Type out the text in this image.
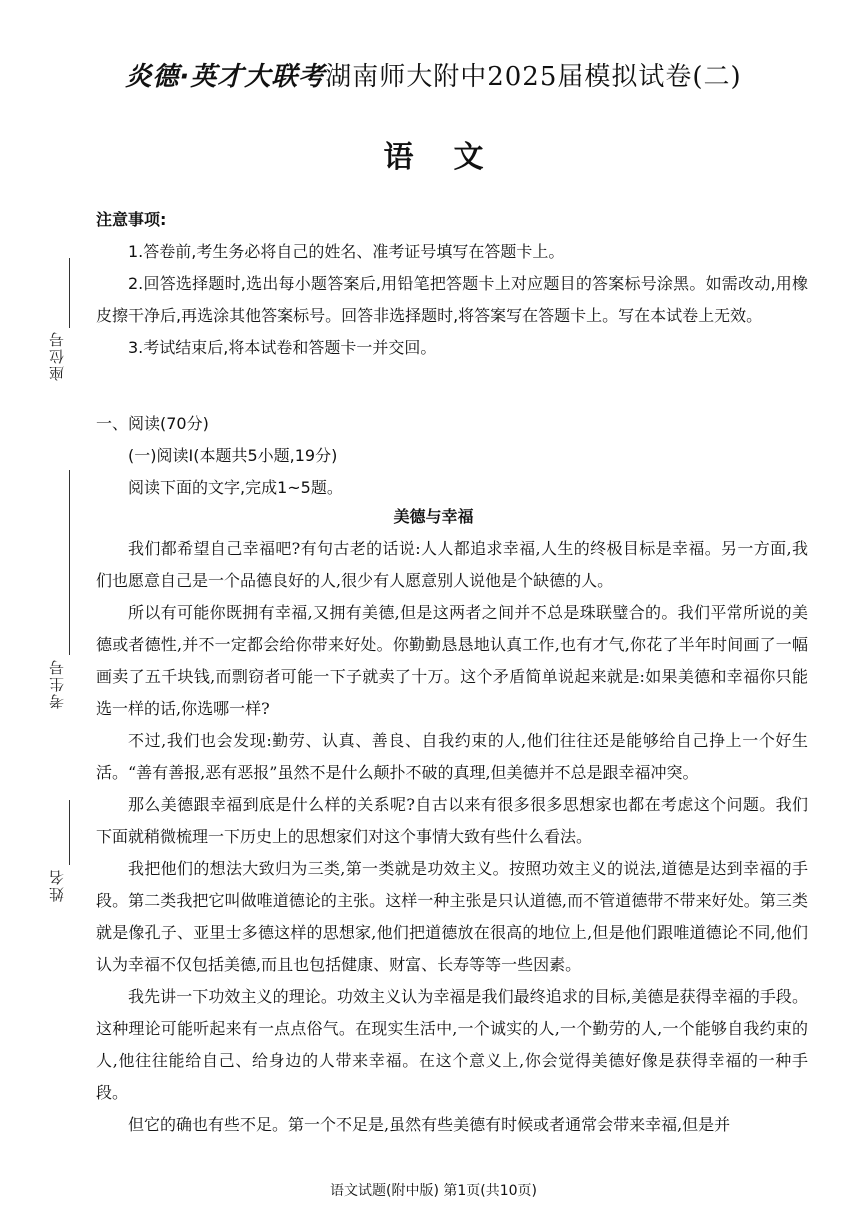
座位号
考生号
姓名
炎德·英才大联考湖南师大附中2025届模拟试卷(二)
语文
注意事项:
1.答卷前,考生务必将自己的姓名、准考证号填写在答题卡上。
2.回答选择题时,选出每小题答案后,用铅笔把答题卡上对应题目的答案标号涂黑。如需改动,用橡皮擦干净后,再选涂其他答案标号。回答非选择题时,将答案写在答题卡上。写在本试卷上无效。
3.考试结束后,将本试卷和答题卡一并交回。
一、阅读(70分)
(一)阅读Ⅰ(本题共5小题,19分)
阅读下面的文字,完成1~5题。
美德与幸福

我们都希望自己幸福吧?有句古老的话说:人人都追求幸福,人生的终极目标是幸福。另一方面,我们也愿意自己是一个品德良好的人,很少有人愿意别人说他是个缺德的人。

所以有可能你既拥有幸福,又拥有美德,但是这两者之间并不总是珠联璧合的。我们平常所说的美德或者德性,并不一定都会给你带来好处。你勤勤恳恳地认真工作,也有才气,你花了半年时间画了一幅画卖了五千块钱,而剽窃者可能一下子就卖了十万。这个矛盾简单说起来就是:如果美德和幸福你只能选一样的话,你选哪一样?

不过,我们也会发现:勤劳、认真、善良、自我约束的人,他们往往还是能够给自己挣上一个好生活。“善有善报,恶有恶报”虽然不是什么颠扑不破的真理,但美德并不总是跟幸福冲突。

那么美德跟幸福到底是什么样的关系呢?自古以来有很多很多思想家也都在考虑这个问题。我们下面就稍微梳理一下历史上的思想家们对这个事情大致有些什么看法。

我把他们的想法大致归为三类,第一类就是功效主义。按照功效主义的说法,道德是达到幸福的手段。第二类我把它叫做唯道德论的主张。这样一种主张是只认道德,而不管道德带不带来好处。第三类就是像孔子、亚里士多德这样的思想家,他们把道德放在很高的地位上,但是他们跟唯道德论不同,他们认为幸福不仅包括美德,而且也包括健康、财富、长寿等等一些因素。

我先讲一下功效主义的理论。功效主义认为幸福是我们最终追求的目标,美德是获得幸福的手段。这种理论可能听起来有一点点俗气。在现实生活中,一个诚实的人,一个勤劳的人,一个能够自我约束的人,他往往能给自己、给身边的人带来幸福。在这个意义上,你会觉得美德好像是获得幸福的一种手段。

但它的确也有些不足。第一个不足是,虽然有些美德有时候或者通常会带来幸福,但是并

语文试题(附中版) 第1页(共10页)
